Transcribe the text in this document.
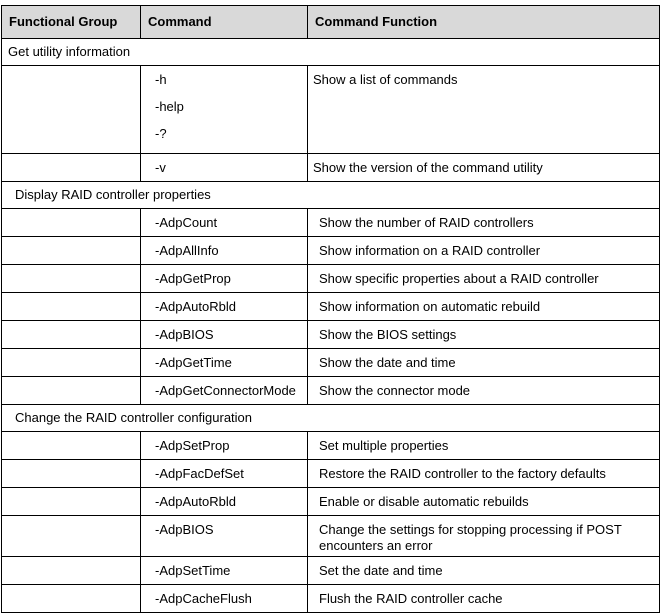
Functional Group	Command	Command Function

Get utility information		

	-h
-help
-?	Show a list of commands

	-v	Show the version of the command utility

Display RAID controller properties		

	-AdpCount	Show the number of RAID controllers

	-AdpAllInfo	Show information on a RAID controller

	-AdpGetProp	Show specific properties about a RAID controller

	-AdpAutoRbld	Show information on automatic rebuild

	-AdpBIOS	Show the BIOS settings

	-AdpGetTime	Show the date and time

	-AdpGetConnectorMode	Show the connector mode

Change the RAID controller configuration		

	-AdpSetProp	Set multiple properties

	-AdpFacDefSet	Restore the RAID controller to the factory defaults

	-AdpAutoRbld	Enable or disable automatic rebuilds

	-AdpBIOS	Change the settings for stopping processing if POST encounters an error

	-AdpSetTime	Set the date and time

	-AdpCacheFlush	Flush the RAID controller cache
